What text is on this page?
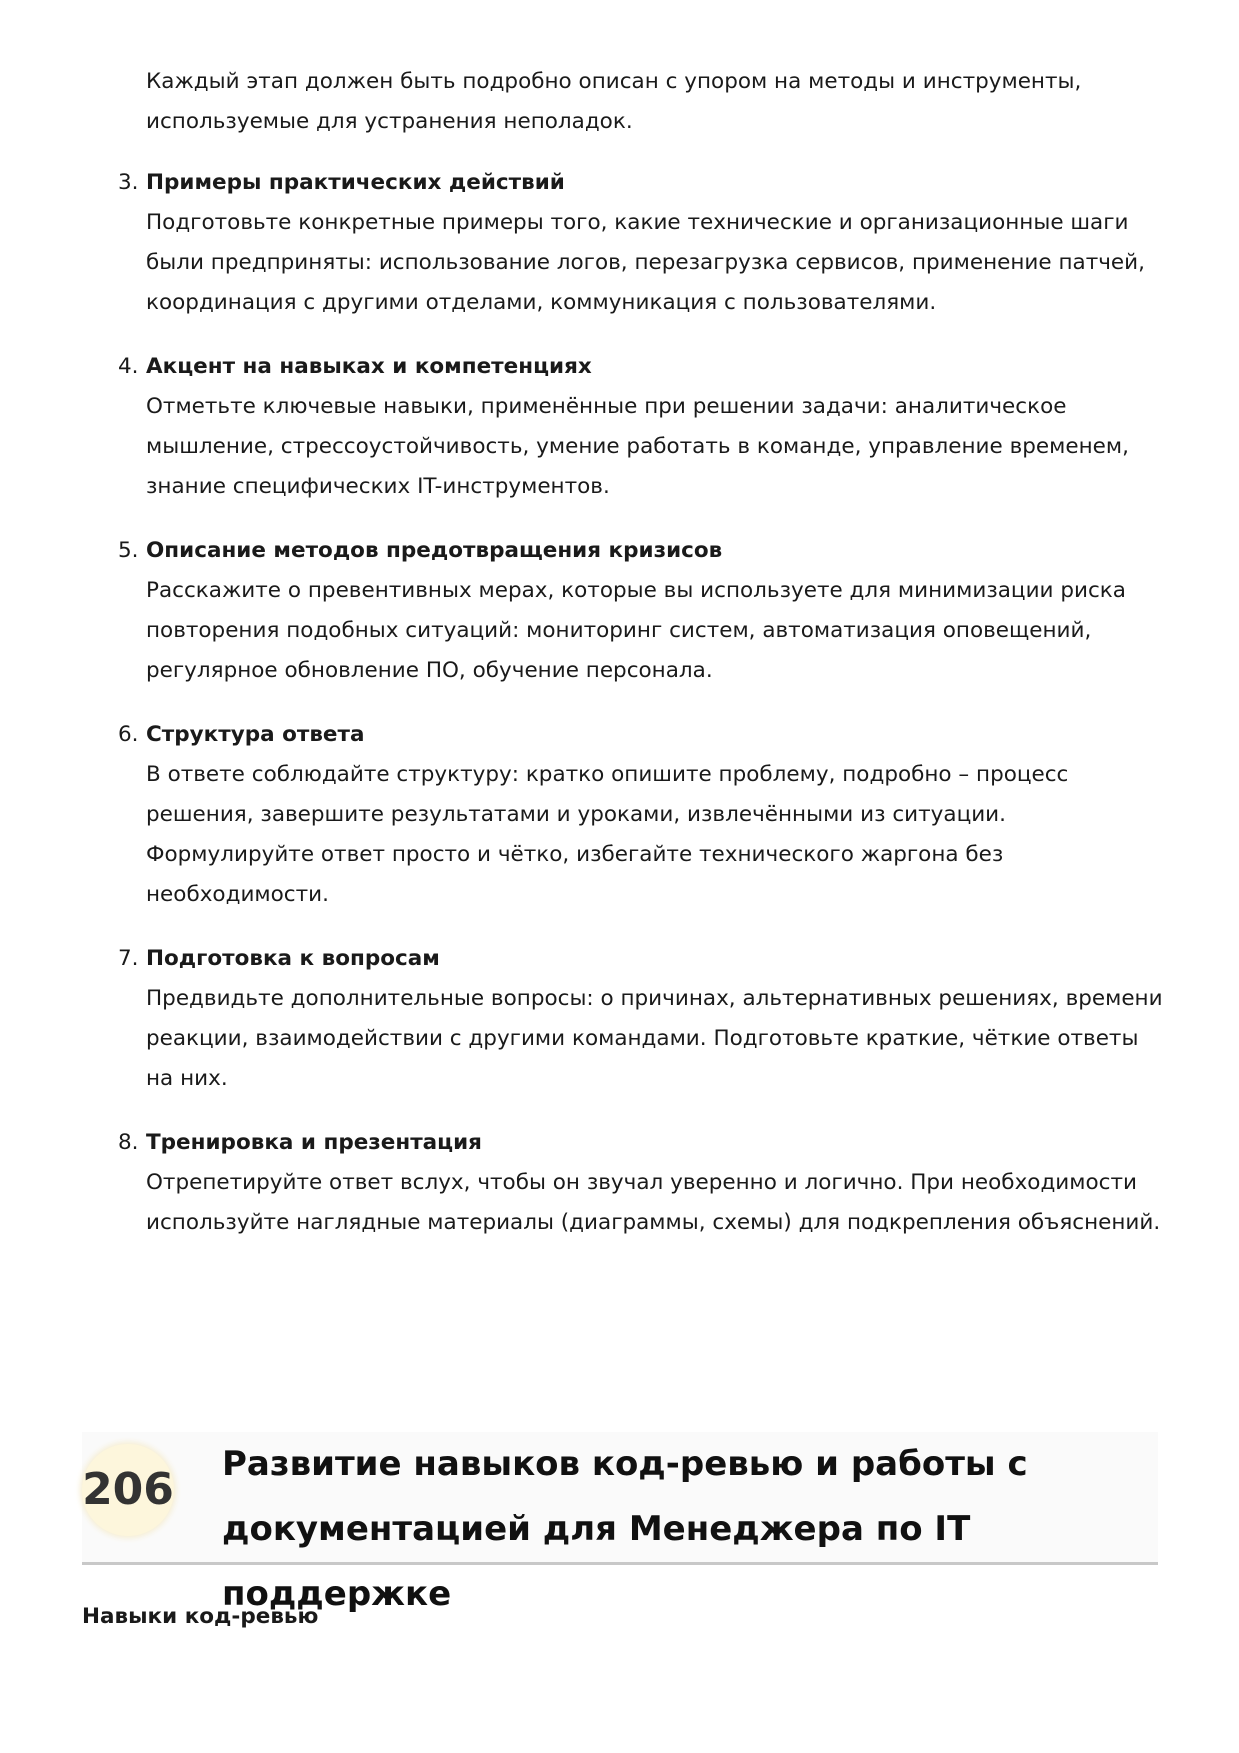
Каждый этап должен быть подробно описан с упором на методы и инструменты, используемые для устранения неполадок.

3. Примеры практических действий

Подготовьте конкретные примеры того, какие технические и организационные шаги были предприняты: использование логов, перезагрузка сервисов, применение патчей, координация с другими отделами, коммуникация с пользователями.

4. Акцент на навыках и компетенциях

Отметьте ключевые навыки, применённые при решении задачи: аналитическое мышление, стрессоустойчивость, умение работать в команде, управление временем, знание специфических IT-инструментов.

5. Описание методов предотвращения кризисов

Расскажите о превентивных мерах, которые вы используете для минимизации риска повторения подобных ситуаций: мониторинг систем, автоматизация оповещений, регулярное обновление ПО, обучение персонала.

6. Структура ответа

В ответе соблюдайте структуру: кратко опишите проблему, подробно – процесс решения, завершите результатами и уроками, извлечёнными из ситуации. Формулируйте ответ просто и чётко, избегайте технического жаргона без необходимости.

7. Подготовка к вопросам

Предвидьте дополнительные вопросы: о причинах, альтернативных решениях, времени реакции, взаимодействии с другими командами. Подготовьте краткие, чёткие ответы на них.

8. Тренировка и презентация

Отрепетируйте ответ вслух, чтобы он звучал уверенно и логично. При необходимости используйте наглядные материалы (диаграммы, схемы) для подкрепления объяснений.

206 Развитие навыков код-ревью и работы с документацией для Менеджера по IT поддержке
Навыки код-ревью
